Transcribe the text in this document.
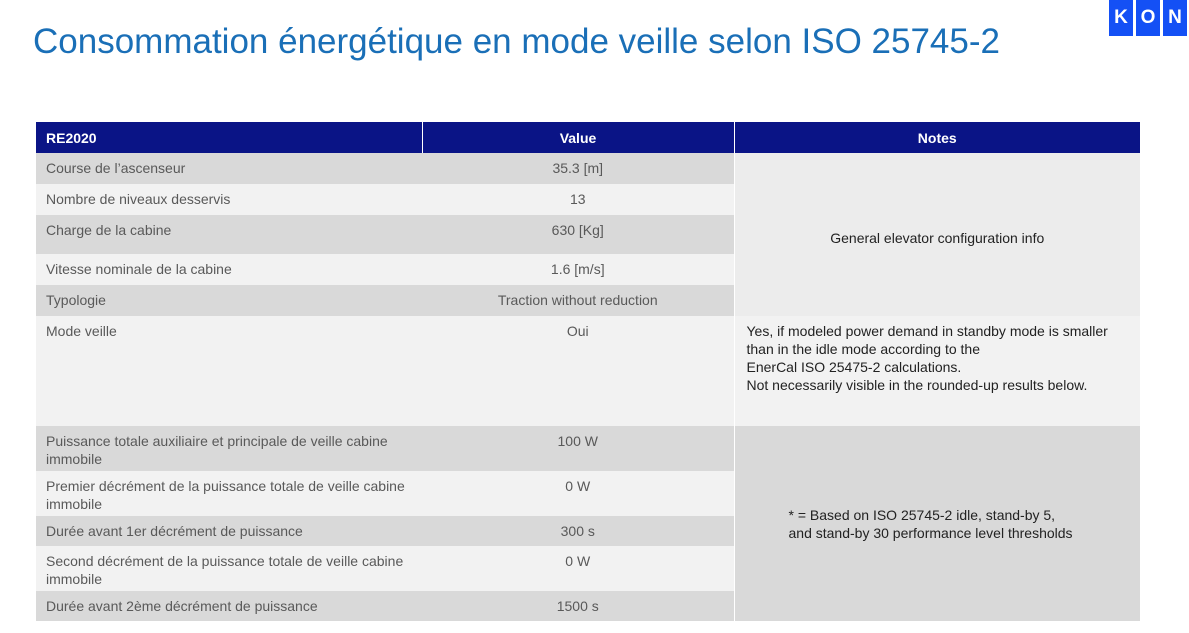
Consommation énergétique en mode veille selon ISO 25745-2
K O N
RE2020	Value	Notes
Course de l’ascenseur	35.3 [m]	General elevator configuration info
Nombre de niveaux desservis	13	
Charge de la cabine	630 [Kg]	
Vitesse nominale de la cabine	1.6 [m/s]	
Typologie	Traction without reduction	
Mode veille	Oui	Yes, if modeled power demand in standby mode is smaller
than in the idle mode according to the
EnerCal ISO 25475-2 calculations.
Not necessarily visible in the rounded-up results below.

Puissance totale auxiliaire et principale de veille cabine immobile	100 W	* = Based on ISO 25745-2 idle, stand-by 5,
and stand-by 30 performance level thresholds

Premier décrément de la puissance totale de veille cabine immobile	0 W	
Durée avant 1er décrément de puissance	300 s	
Second décrément de la puissance totale de veille cabine immobile	0 W	
Durée avant 2ème décrément de puissance	1500 s	
